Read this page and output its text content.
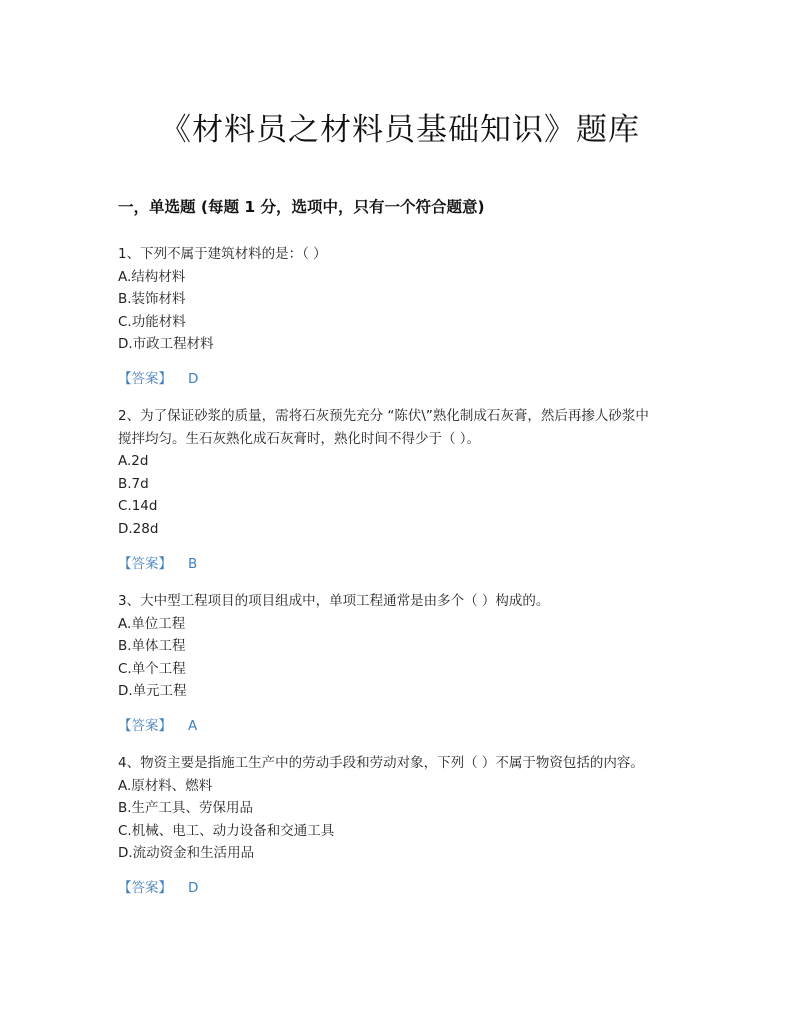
《材料员之材料员基础知识》题库
一，单选题 (每题 1 分，选项中，只有一个符合题意)
1、下列不属于建筑材料的是：（ ）
A.结构材料
B.装饰材料
C.功能材料
D.市政工程材料
【答案】 D
2、为了保证砂浆的质量，需将石灰预先充分 “陈伏\”熟化制成石灰膏，然后再掺人砂浆中
搅拌均匀。生石灰熟化成石灰膏时，熟化时间不得少于（ ）。
A.2d
B.7d
C.14d
D.28d
【答案】 B
3、大中型工程项目的项目组成中，单项工程通常是由多个（ ）构成的。
A.单位工程
B.单体工程
C.单个工程
D.单元工程
【答案】 A
4、物资主要是指施工生产中的劳动手段和劳动对象，下列（ ）不属于物资包括的内容。
A.原材料、燃料
B.生产工具、劳保用品
C.机械、电工、动力设备和交通工具
D.流动资金和生活用品
【答案】 D
